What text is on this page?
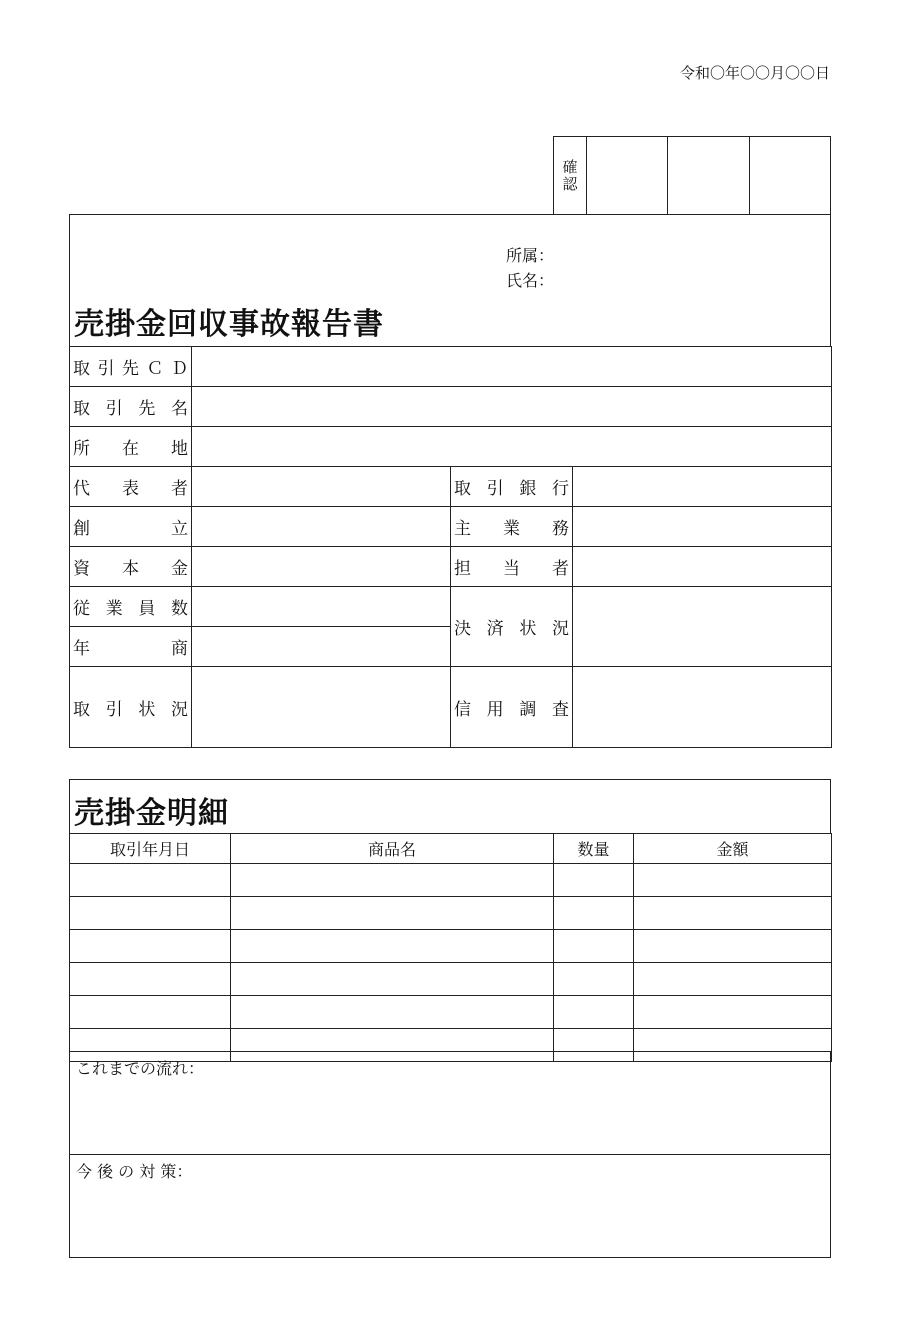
令和〇年〇〇月〇〇日
確認
所属：
氏名：
売掛金回収事故報告書
取 引 先 Ｃ Ｄ			

取 引 先 名			

所 在 地			

代 表 者		取 引 銀 行	

創 立		主 業 務	

資 本 金		担 当 者	

従 業 員 数		決 済 状 況	

年 商			

取 引 状 況		信 用 調 査	

売掛金明細
取引年月日	商品名	数量	金額

これまでの流れ：
今 後 の 対 策：
